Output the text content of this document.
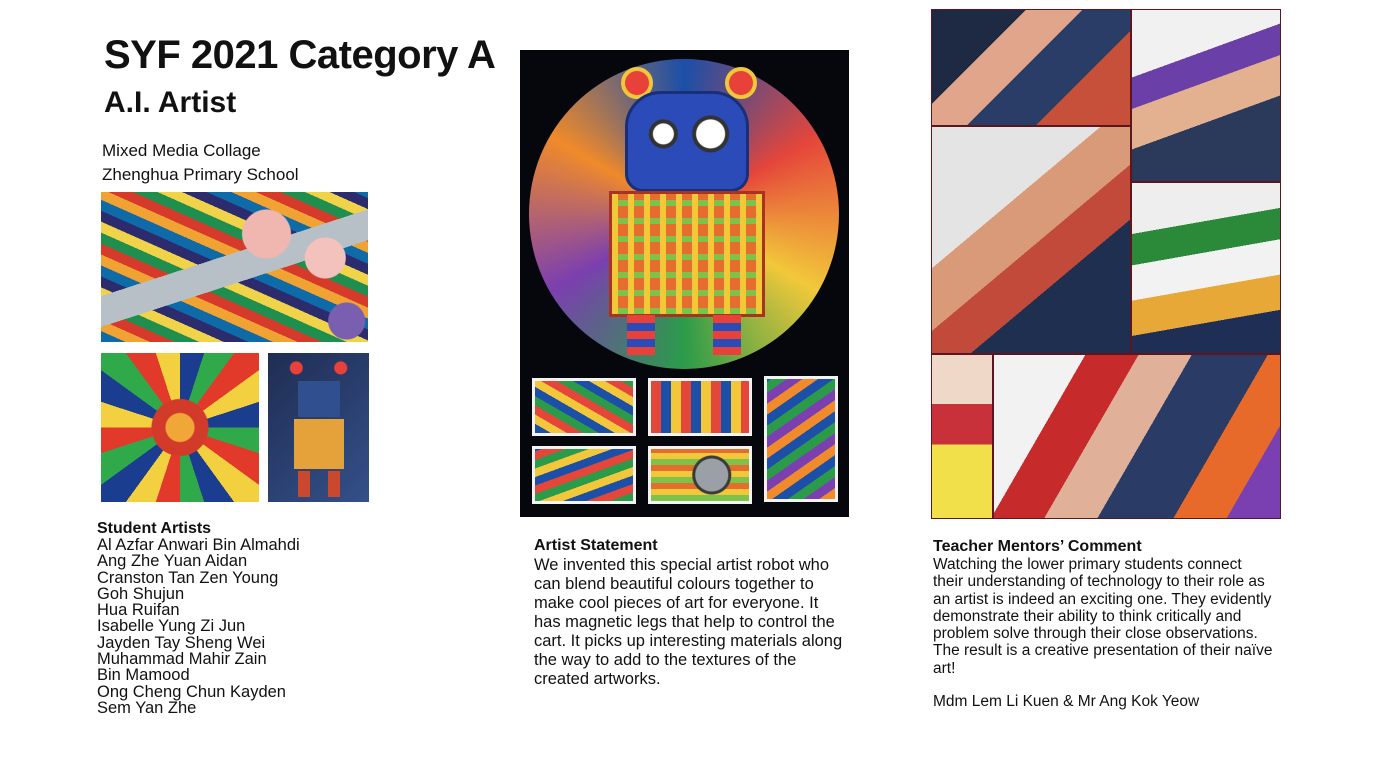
SYF 2021 Category A
A.I. Artist
Mixed Media Collage
Zhenghua Primary School
Student Artists
Al Azfar Anwari Bin Almahdi
Ang Zhe Yuan Aidan
Cranston Tan Zen Young
Goh Shujun
Hua Ruifan
Isabelle Yung Zi Jun
Jayden Tay Sheng Wei
Muhammad Mahir Zain
Bin Mamood
Ong Cheng Chun Kayden
Sem Yan Zhe
Artist Statement

We invented this special artist robot who can blend beautiful colours together to make cool pieces of art for everyone. It has magnetic legs that help to control the cart. It picks up interesting materials along the way to add to the textures of the created artworks.

Teacher Mentors’ Comment

Watching the lower primary students connect their understanding of technology to their role as an artist is indeed an exciting one. They evidently demonstrate their ability to think critically and problem solve through their close observations. The result is a creative presentation of their naïve art!

Mdm Lem Li Kuen & Mr Ang Kok Yeow
